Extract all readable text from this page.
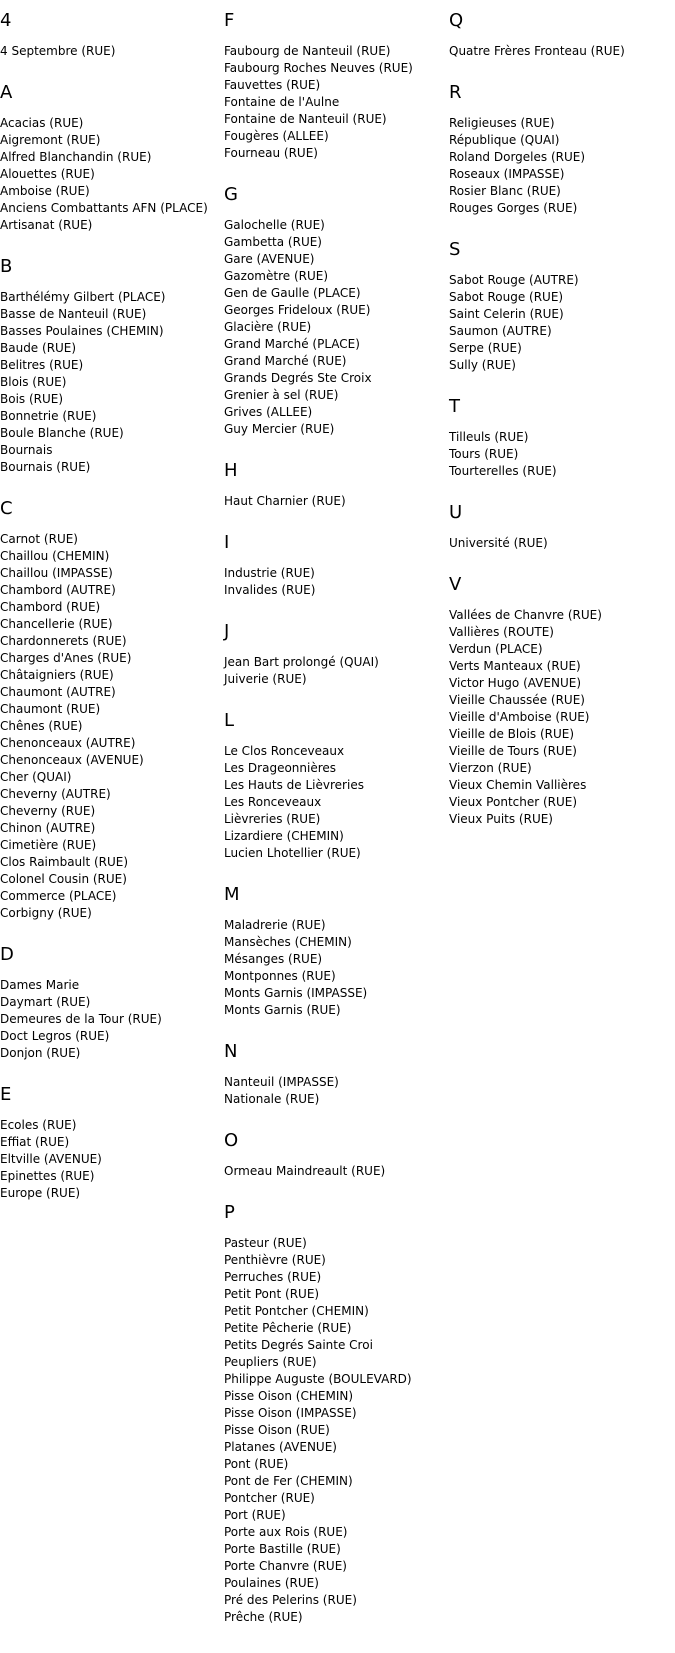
4
4 Septembre (RUE)
A
Acacias (RUE)
Aigremont (RUE)
Alfred Blanchandin (RUE)
Alouettes (RUE)
Amboise (RUE)
Anciens Combattants AFN (PLACE)
Artisanat (RUE)
B
Barthélémy Gilbert (PLACE)
Basse de Nanteuil (RUE)
Basses Poulaines (CHEMIN)
Baude (RUE)
Belitres (RUE)
Blois (RUE)
Bois (RUE)
Bonnetrie (RUE)
Boule Blanche (RUE)
Bournais
Bournais (RUE)
C
Carnot (RUE)
Chaillou (CHEMIN)
Chaillou (IMPASSE)
Chambord (AUTRE)
Chambord (RUE)
Chancellerie (RUE)
Chardonnerets (RUE)
Charges d'Anes (RUE)
Châtaigniers (RUE)
Chaumont (AUTRE)
Chaumont (RUE)
Chênes (RUE)
Chenonceaux (AUTRE)
Chenonceaux (AVENUE)
Cher (QUAI)
Cheverny (AUTRE)
Cheverny (RUE)
Chinon (AUTRE)
Cimetière (RUE)
Clos Raimbault (RUE)
Colonel Cousin (RUE)
Commerce (PLACE)
Corbigny (RUE)
D
Dames Marie
Daymart (RUE)
Demeures de la Tour (RUE)
Doct Legros (RUE)
Donjon (RUE)
E
Ecoles (RUE)
Effiat (RUE)
Eltville (AVENUE)
Epinettes (RUE)
Europe (RUE)
F
Faubourg de Nanteuil (RUE)
Faubourg Roches Neuves (RUE)
Fauvettes (RUE)
Fontaine de l'Aulne
Fontaine de Nanteuil (RUE)
Fougères (ALLEE)
Fourneau (RUE)
G
Galochelle (RUE)
Gambetta (RUE)
Gare (AVENUE)
Gazomètre (RUE)
Gen de Gaulle (PLACE)
Georges Frideloux (RUE)
Glacière (RUE)
Grand Marché (PLACE)
Grand Marché (RUE)
Grands Degrés Ste Croix
Grenier à sel (RUE)
Grives (ALLEE)
Guy Mercier (RUE)
H
Haut Charnier (RUE)
I
Industrie (RUE)
Invalides (RUE)
J
Jean Bart prolongé (QUAI)
Juiverie (RUE)
L
Le Clos Ronceveaux
Les Drageonnières
Les Hauts de Lièvreries
Les Ronceveaux
Lièvreries (RUE)
Lizardiere (CHEMIN)
Lucien Lhotellier (RUE)
M
Maladrerie (RUE)
Mansèches (CHEMIN)
Mésanges (RUE)
Montponnes (RUE)
Monts Garnis (IMPASSE)
Monts Garnis (RUE)
N
Nanteuil (IMPASSE)
Nationale (RUE)
O
Ormeau Maindreault (RUE)
P
Pasteur (RUE)
Penthièvre (RUE)
Perruches (RUE)
Petit Pont (RUE)
Petit Pontcher (CHEMIN)
Petite Pêcherie (RUE)
Petits Degrés Sainte Croi
Peupliers (RUE)
Philippe Auguste (BOULEVARD)
Pisse Oison (CHEMIN)
Pisse Oison (IMPASSE)
Pisse Oison (RUE)
Platanes (AVENUE)
Pont (RUE)
Pont de Fer (CHEMIN)
Pontcher (RUE)
Port (RUE)
Porte aux Rois (RUE)
Porte Bastille (RUE)
Porte Chanvre (RUE)
Poulaines (RUE)
Pré des Pelerins (RUE)
Prêche (RUE)
Q
Quatre Frères Fronteau (RUE)
R
Religieuses (RUE)
République (QUAI)
Roland Dorgeles (RUE)
Roseaux (IMPASSE)
Rosier Blanc (RUE)
Rouges Gorges (RUE)
S
Sabot Rouge (AUTRE)
Sabot Rouge (RUE)
Saint Celerin (RUE)
Saumon (AUTRE)
Serpe (RUE)
Sully (RUE)
T
Tilleuls (RUE)
Tours (RUE)
Tourterelles (RUE)
U
Université (RUE)
V
Vallées de Chanvre (RUE)
Vallières (ROUTE)
Verdun (PLACE)
Verts Manteaux (RUE)
Victor Hugo (AVENUE)
Vieille Chaussée (RUE)
Vieille d'Amboise (RUE)
Vieille de Blois (RUE)
Vieille de Tours (RUE)
Vierzon (RUE)
Vieux Chemin Vallières
Vieux Pontcher (RUE)
Vieux Puits (RUE)
